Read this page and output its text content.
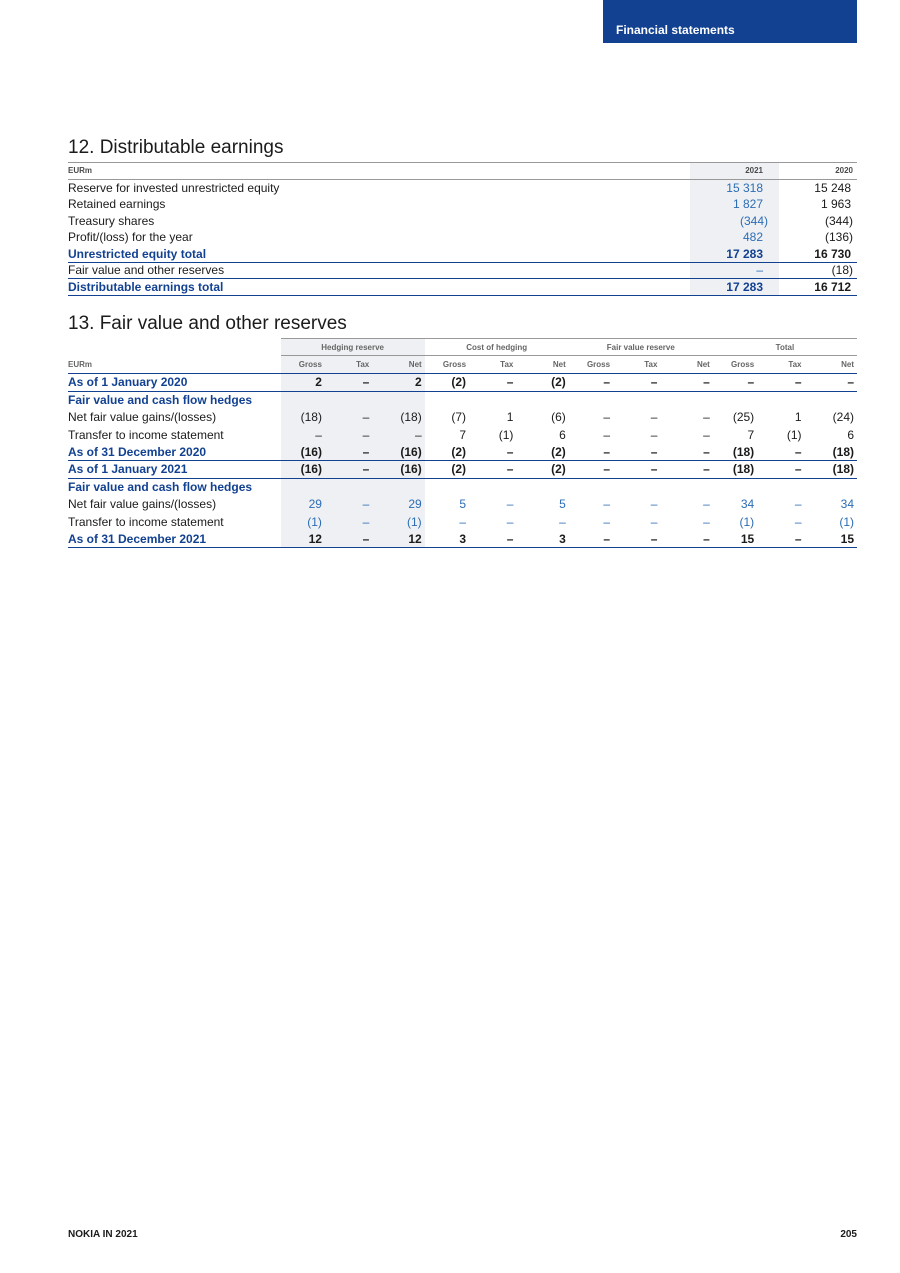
Financial statements
12. Distributable earnings
EURm	2021	2020
Reserve for invested unrestricted equity	15 318	15 248
Retained earnings	1 827	1 963
Treasury shares	(344)	(344)
Profit/(loss) for the year	482	(136)
Unrestricted equity total	17 283	16 730
Fair value and other reserves	–	(18)
Distributable earnings total	17 283	16 712
13. Fair value and other reserves
	Hedging reserve			Cost of hedging			Fair value reserve			Total		
EURm	Gross	Tax	Net	Gross	Tax	Net	Gross	Tax	Net	Gross	Tax	Net
As of 1 January 2020	2	–	2	(2)	–	(2)	–	–	–	–	–	–
Fair value and cash flow hedges												
Net fair value gains/(losses)	(18)	–	(18)	(7)	1	(6)	–	–	–	(25)	1	(24)
Transfer to income statement	–	–	–	7	(1)	6	–	–	–	7	(1)	6
As of 31 December 2020	(16)	–	(16)	(2)	–	(2)	–	–	–	(18)	–	(18)
As of 1 January 2021	(16)	–	(16)	(2)	–	(2)	–	–	–	(18)	–	(18)
Fair value and cash flow hedges												
Net fair value gains/(losses)	29	–	29	5	–	5	–	–	–	34	–	34
Transfer to income statement	(1)	–	(1)	–	–	–	–	–	–	(1)	–	(1)
As of 31 December 2021	12	–	12	3	–	3	–	–	–	15	–	15
NOKIA IN 2021	205
